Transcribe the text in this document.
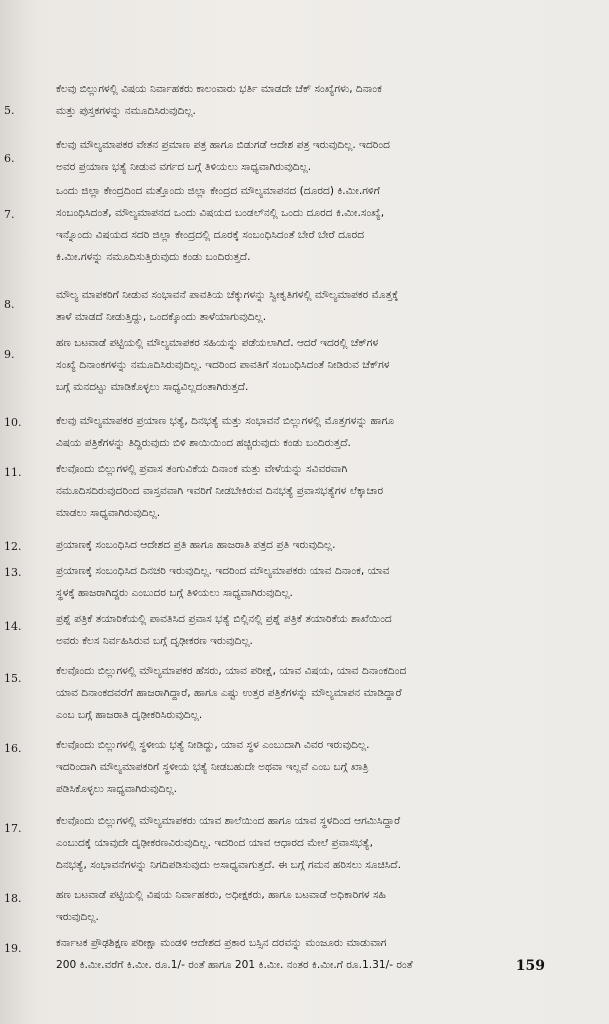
5.
ಕೆಲವು ಬಿಲ್ಲುಗಳಲ್ಲಿ ವಿಷಯ ನಿರ್ವಾಹಕರು ಕಾಲಂವಾರು ಭರ್ತಿ ಮಾಡದೇ ಚೆಕ್ ಸಂಖ್ಯೆಗಳು, ದಿನಾಂಕ
ಮತ್ತು ಪುಸ್ತಕಗಳನ್ನು ನಮೂದಿಸಿರುವುದಿಲ್ಲ.
6.
ಕೆಲವು ಮೌಲ್ಯಮಾಪಕರ ವೇತನ ಪ್ರಮಾಣ ಪತ್ರ ಹಾಗೂ ಬಿಡುಗಡೆ ಆದೇಶ ಪತ್ರ ಇರುವುದಿಲ್ಲ. ಇದರಿಂದ
ಅವರ ಪ್ರಯಾಣ ಭತ್ಯೆ ನೀಡುವ ವರ್ಗದ ಬಗ್ಗೆ ತಿಳಿಯಲು ಸಾಧ್ಯವಾಗಿರುವುದಿಲ್ಲ.
7.
ಒಂದು ಜಿಲ್ಲಾ ಕೇಂದ್ರದಿಂದ ಮತ್ತೊಂದು ಜಿಲ್ಲಾ ಕೇಂದ್ರದ ಮೌಲ್ಯಮಾಪನದ (ದೂರದ) ಕಿ.ಮೀ.ಗಳಿಗೆ
ಸಂಬಂಧಿಸಿದಂತೆ, ಮೌಲ್ಯಮಾಪನದ ಒಂದು ವಿಷಯದ ಬಂಡಲ್‌ನಲ್ಲಿ ಒಂದು ದೂರದ ಕಿ.ಮೀ.ಸಂಖ್ಯೆ,
ಇನ್ನೊಂದು ವಿಷಯದ ಸದರಿ ಜಿಲ್ಲಾ ಕೇಂದ್ರದಲ್ಲಿ ದೂರಕ್ಕೆ ಸಂಬಂಧಿಸಿದಂತೆ ಬೇರೆ ಬೇರೆ ದೂರದ
ಕಿ.ಮೀ.ಗಳನ್ನು ನಮೂದಿಸುತ್ತಿರುವುದು ಕಂಡು ಬಂದಿರುತ್ತದೆ.
8.
ಮೌಲ್ಯ ಮಾಪಕರಿಗೆ ನೀಡುವ ಸಂಭಾವನೆ ಪಾವತಿಯ ಚೆಕ್ಕುಗಳನ್ನು ಸ್ವೀಕೃತಿಗಳಲ್ಲಿ ಮೌಲ್ಯಮಾಪಕರ ಮೊತ್ತಕ್ಕೆ
ತಾಳೆ ಮಾಡದೆ ನೀಡುತ್ತಿದ್ದು, ಒಂದಕ್ಕೊಂದು ತಾಳೆಯಾಗುವುದಿಲ್ಲ.
9.
ಹಣ ಬಟವಾಡೆ ಪಟ್ಟಿಯಲ್ಲಿ ಮೌಲ್ಯಮಾಪಕರ ಸಹಿಯನ್ನು ಪಡೆಯಲಾಗಿದೆ. ಆದರೆ ಇದರಲ್ಲಿ ಚೆಕ್‌ಗಳ
ಸಂಖ್ಯೆ ದಿನಾಂಕಗಳನ್ನು ನಮೂದಿಸಿರುವುದಿಲ್ಲ. ಇದರಿಂದ ಪಾವತಿಗೆ ಸಂಬಂಧಿಸಿದಂತೆ ನೀಡಿರುವ ಚೆಕ್‌ಗಳ
ಬಗ್ಗೆ ಮನದಟ್ಟು ಮಾಡಿಕೊಳ್ಳಲು ಸಾಧ್ಯವಿಲ್ಲದಂತಾಗಿರುತ್ತದೆ.
10.	ಕೆಲವು ಮೌಲ್ಯಮಾಪಕರ ಪ್ರಯಾಣ ಭತ್ಯೆ, ದಿನಭತ್ಯೆ ಮತ್ತು ಸಂಭಾವನೆ ಬಿಲ್ಲುಗಳಲ್ಲಿ ಮೊತ್ತಗಳನ್ನು ಹಾಗೂ
ವಿಷಯ ಪತ್ರಿಕೆಗಳನ್ನು ತಿದ್ದಿರುವುದು ಬಿಳಿ ಶಾಯಿಯಿಂದ ಹಚ್ಚಿರುವುದು ಕಂಡು ಬಂದಿರುತ್ತದೆ.
11.	ಕೆಲವೊಂದು ಬಿಲ್ಲುಗಳಲ್ಲಿ ಪ್ರವಾಸ ತಂಗುವಿಕೆಯ ದಿನಾಂಕ ಮತ್ತು ವೇಳೆಯನ್ನು ಸವಿವರವಾಗಿ
ನಮೂದಿಸದಿರುವುದರಿಂದ ವಾಸ್ತವವಾಗಿ ಇವರಿಗೆ ನೀಡಬೇಕಿರುವ ದಿನಭತ್ಯೆ ಪ್ರವಾಸಭತ್ಯೆಗಳ ಲೆಕ್ಕಾಚಾರ
ಮಾಡಲು ಸಾಧ್ಯವಾಗಿರುವುದಿಲ್ಲ.
12.	ಪ್ರಯಾಣಕ್ಕೆ ಸಂಬಂಧಿಸಿದ ಆದೇಶದ ಪ್ರತಿ ಹಾಗೂ ಹಾಜರಾತಿ ಪತ್ರದ ಪ್ರತಿ ಇರುವುದಿಲ್ಲ.
13.	ಪ್ರಯಾಣಕ್ಕೆ ಸಂಬಂಧಿಸಿದ ದಿನಚರಿ ಇರುವುದಿಲ್ಲ. ಇದರಿಂದ ಮೌಲ್ಯಮಾಪಕರು ಯಾವ ದಿನಾಂಕ, ಯಾವ
ಸ್ಥಳಕ್ಕೆ ಹಾಜರಾಗಿದ್ದರು ಎಂಬುದರ ಬಗ್ಗೆ ತಿಳಿಯಲು ಸಾಧ್ಯವಾಗಿರುವುದಿಲ್ಲ.
14.
ಪ್ರಶ್ನೆ ಪತ್ರಿಕೆ ತಯಾರಿಕೆಯಲ್ಲಿ ಪಾವತಿಸಿದ ಪ್ರವಾಸ ಭತ್ಯೆ ಬಿಲ್ಲಿನಲ್ಲಿ ಪ್ರಶ್ನೆ ಪತ್ರಿಕೆ ತಯಾರಿಕೆಯ ಶಾಖೆಯಿಂದ
ಅವರು ಕೆಲಸ ನಿರ್ವಹಿಸಿರುವ ಬಗ್ಗೆ ದೃಢೀಕರಣ ಇರುವುದಿಲ್ಲ.
15.
ಕೆಲವೊಂದು ಬಿಲ್ಲುಗಳಲ್ಲಿ ಮೌಲ್ಯಮಾಪಕರ ಹೆಸರು, ಯಾವ ಪರೀಕ್ಷೆ, ಯಾವ ವಿಷಯ, ಯಾವ ದಿನಾಂಕದಿಂದ
ಯಾವ ದಿನಾಂಕದವರೆಗೆ ಹಾಜರಾಗಿದ್ದಾರೆ, ಹಾಗೂ ಎಷ್ಟು ಉತ್ತರ ಪತ್ರಿಕೆಗಳನ್ನು ಮೌಲ್ಯಮಾಪನ ಮಾಡಿದ್ದಾರೆ
ಎಂಬ ಬಗ್ಗೆ ಹಾಜರಾತಿ ದೃಢೀಕರಿಸಿರುವುದಿಲ್ಲ.
16.	ಕೆಲವೊಂದು ಬಿಲ್ಲುಗಳಲ್ಲಿ ಸ್ಥಳೀಯ ಭತ್ಯೆ ನೀಡಿದ್ದು, ಯಾವ ಸ್ಥಳ ಎಂಬುದಾಗಿ ವಿವರ ಇರುವುದಿಲ್ಲ.
ಇದರಿಂದಾಗಿ ಮೌಲ್ಯಮಾಪಕರಿಗೆ ಸ್ಥಳೀಯ ಭತ್ಯೆ ನೀಡಬಹುದೇ ಅಥವಾ ಇಲ್ಲವೆ ಎಂಬ ಬಗ್ಗೆ ಖಾತ್ರಿ
ಪಡಿಸಿಕೊಳ್ಳಲು ಸಾಧ್ಯವಾಗಿರುವುದಿಲ್ಲ.
17.
ಕೆಲವೊಂದು ಬಿಲ್ಲುಗಳಲ್ಲಿ ಮೌಲ್ಯಮಾಪಕರು ಯಾವ ಶಾಲೆಯಿಂದ ಹಾಗೂ ಯಾವ ಸ್ಥಳದಿಂದ ಆಗಮಿಸಿದ್ದಾರೆ
ಎಂಬುದಕ್ಕೆ ಯಾವುದೇ ದೃಢೀಕರಣವಿರುವುದಿಲ್ಲ. ಇದರಿಂದ ಯಾವ ಆಧಾರದ ಮೇಲೆ ಪ್ರವಾಸಭತ್ಯೆ,
ದಿನಭತ್ಯೆ, ಸಂಭಾವನೆಗಳನ್ನು ನಿಗದಿಪಡಿಸುವುದು ಅಸಾಧ್ಯವಾಗುತ್ತದೆ. ಈ ಬಗ್ಗೆ ಗಮನ ಹರಿಸಲು ಸೂಚಿಸಿದೆ.
18.	ಹಣ ಬಟವಾಡೆ ಪಟ್ಟಿಯಲ್ಲಿ ವಿಷಯ ನಿರ್ವಾಹಕರು, ಅಧೀಕ್ಷಕರು, ಹಾಗೂ ಬಟವಾಡೆ ಅಧಿಕಾರಿಗಳ ಸಹಿ
ಇರುವುದಿಲ್ಲ.
19.	ಕರ್ನಾಟಕ ಪ್ರೌಢಶಿಕ್ಷಣ ಪರೀಕ್ಷಾ ಮಂಡಳಿ ಆದೇಶದ ಪ್ರಕಾರ ಬಸ್ಸಿನ ದರವನ್ನು ಮಂಜೂರು ಮಾಡುವಾಗ
200 ಕಿ.ಮೀ.ವರೆಗೆ ಕಿ.ಮೀ. ರೂ.1/- ರಂತೆ ಹಾಗೂ 201 ಕಿ.ಮೀ. ನಂತರ ಕಿ.ಮೀ.ಗೆ ರೂ.1.31/- ರಂತೆ	159
